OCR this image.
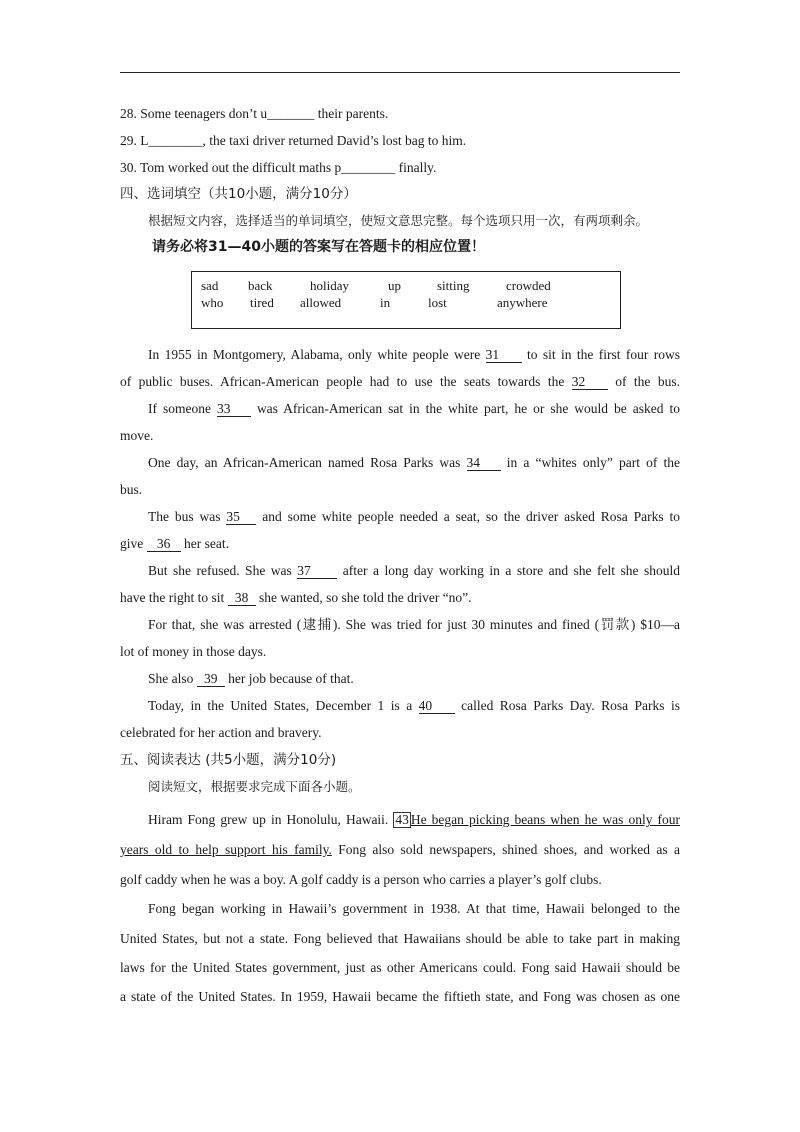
28. Some teenagers don’t u_______ their parents.
29. L________, the taxi driver returned David’s lost bag to him.
30. Tom worked out the difficult maths p________ finally.
四、选词填空（共10小题，满分10分）
根据短文内容，选择适当的单词填空，使短文意思完整。每个选项只用一次，有两项剩余。
请务必将31—40小题的答案写在答题卡的相应位置！
sad back	holiday	up	sitting	crowded
who tired allowed	in	lost	anywhere
In 1955 in Montgomery, Alabama, only white people were 31 to sit in the first four rows
of public buses. African-American people had to use the seats towards the 32 of the bus.
If someone 33 was African-American sat in the white part, he or she would be asked to
move.
One day, an African-American named Rosa Parks was 34 in a “whites only” part of the
bus.
The bus was 35 and some white people needed a seat, so the driver asked Rosa Parks to
give 36 her seat.
But she refused. She was 37 after a long day working in a store and she felt she should
have the right to sit 38 she wanted, so she told the driver “no”.
For that, she was arrested (逮捕). She was tried for just 30 minutes and fined (罚款) $10—a
lot of money in those days.
She also 39 her job because of that.
Today, in the United States, December 1 is a 40 called Rosa Parks Day. Rosa Parks is
celebrated for her action and bravery.
五、阅读表达 (共5小题，满分10分)
阅读短文，根据要求完成下面各小题。
Hiram Fong grew up in Honolulu, Hawaii. 43 He began picking beans when he was only four
years old to help support his family. Fong also sold newspapers, shined shoes, and worked as a
golf caddy when he was a boy. A golf caddy is a person who carries a player’s golf clubs.
Fong began working in Hawaii’s government in 1938. At that time, Hawaii belonged to the
United States, but not a state. Fong believed that Hawaiians should be able to take part in making
laws for the United States government, just as other Americans could. Fong said Hawaii should be
a state of the United States. In 1959, Hawaii became the fiftieth state, and Fong was chosen as one
